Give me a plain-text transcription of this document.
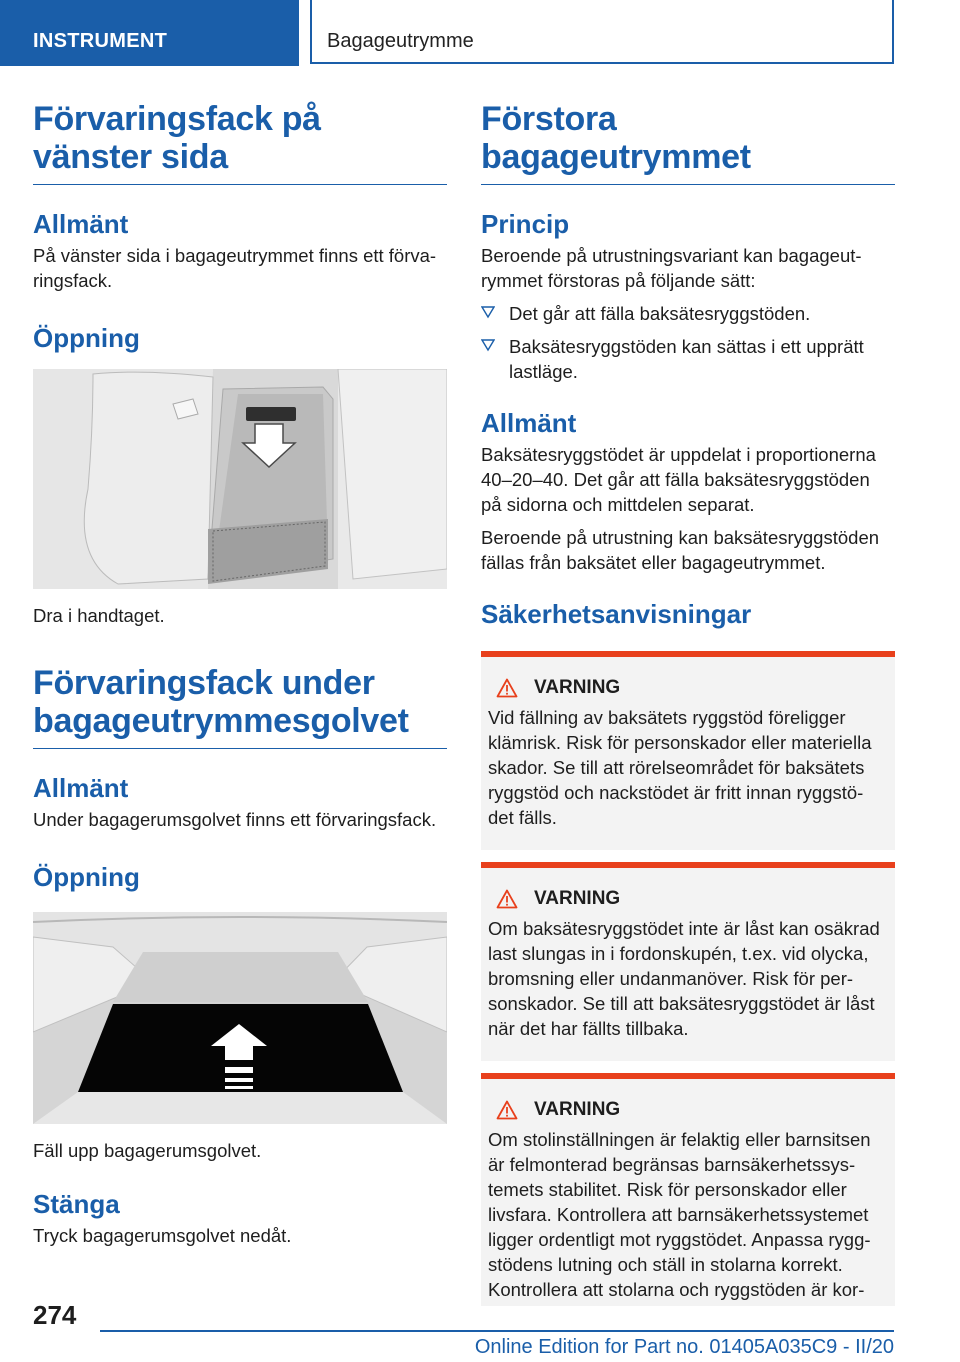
INSTRUMENT	Bagageutrymme
Förvaringsfack på vänster sida
Allmänt

På vänster sida i bagageutrymmet finns ett förva-ringsfack.

Öppning

Dra i handtaget.

Förvaringsfack under bagageutrymmesgolvet
Allmänt

Under bagagerumsgolvet finns ett förvaringsfack.

Öppning

Fäll upp bagagerumsgolvet.

Stänga

Tryck bagagerumsgolvet nedåt.

Förstora bagageutrymmet
Princip

Beroende på utrustningsvariant kan bagageut-rymmet förstoras på följande sätt:

Det går att fälla baksätesryggstöden.
Baksätesryggstöden kan sättas i ett upprätt lastläge.
Allmänt

Baksätesryggstödet är uppdelat i proportionerna 40–20–40. Det går att fälla baksätesryggstöden på sidorna och mittdelen separat.

Beroende på utrustning kan baksätesryggstöden fällas från baksätet eller bagageutrymmet.

Säkerhetsanvisningar
VARNING

Vid fällning av baksätets ryggstöd föreligger klämrisk. Risk för personskador eller materiella skador. Se till att rörelseområdet för baksätets ryggstöd och nackstödet är fritt innan ryggstö-det fälls.

VARNING

Om baksätesryggstödet inte är låst kan osäkrad last slungas in i fordonskupén, t.ex. vid olycka, bromsning eller undanmanöver. Risk för per-sonskador. Se till att baksätesryggstödet är låst när det har fällts tillbaka.

VARNING

Om stolinställningen är felaktig eller barnsitsen är felmonterad begränsas barnsäkerhetssys-temets stabilitet. Risk för personskador eller livsfara. Kontrollera att barnsäkerhetssystemet ligger ordentligt mot ryggstödet. Anpassa rygg-stödens lutning och ställ in stolarna korrekt. Kontrollera att stolarna och ryggstöden är kor-

274
Online Edition for Part no. 01405A035C9 - II/20
